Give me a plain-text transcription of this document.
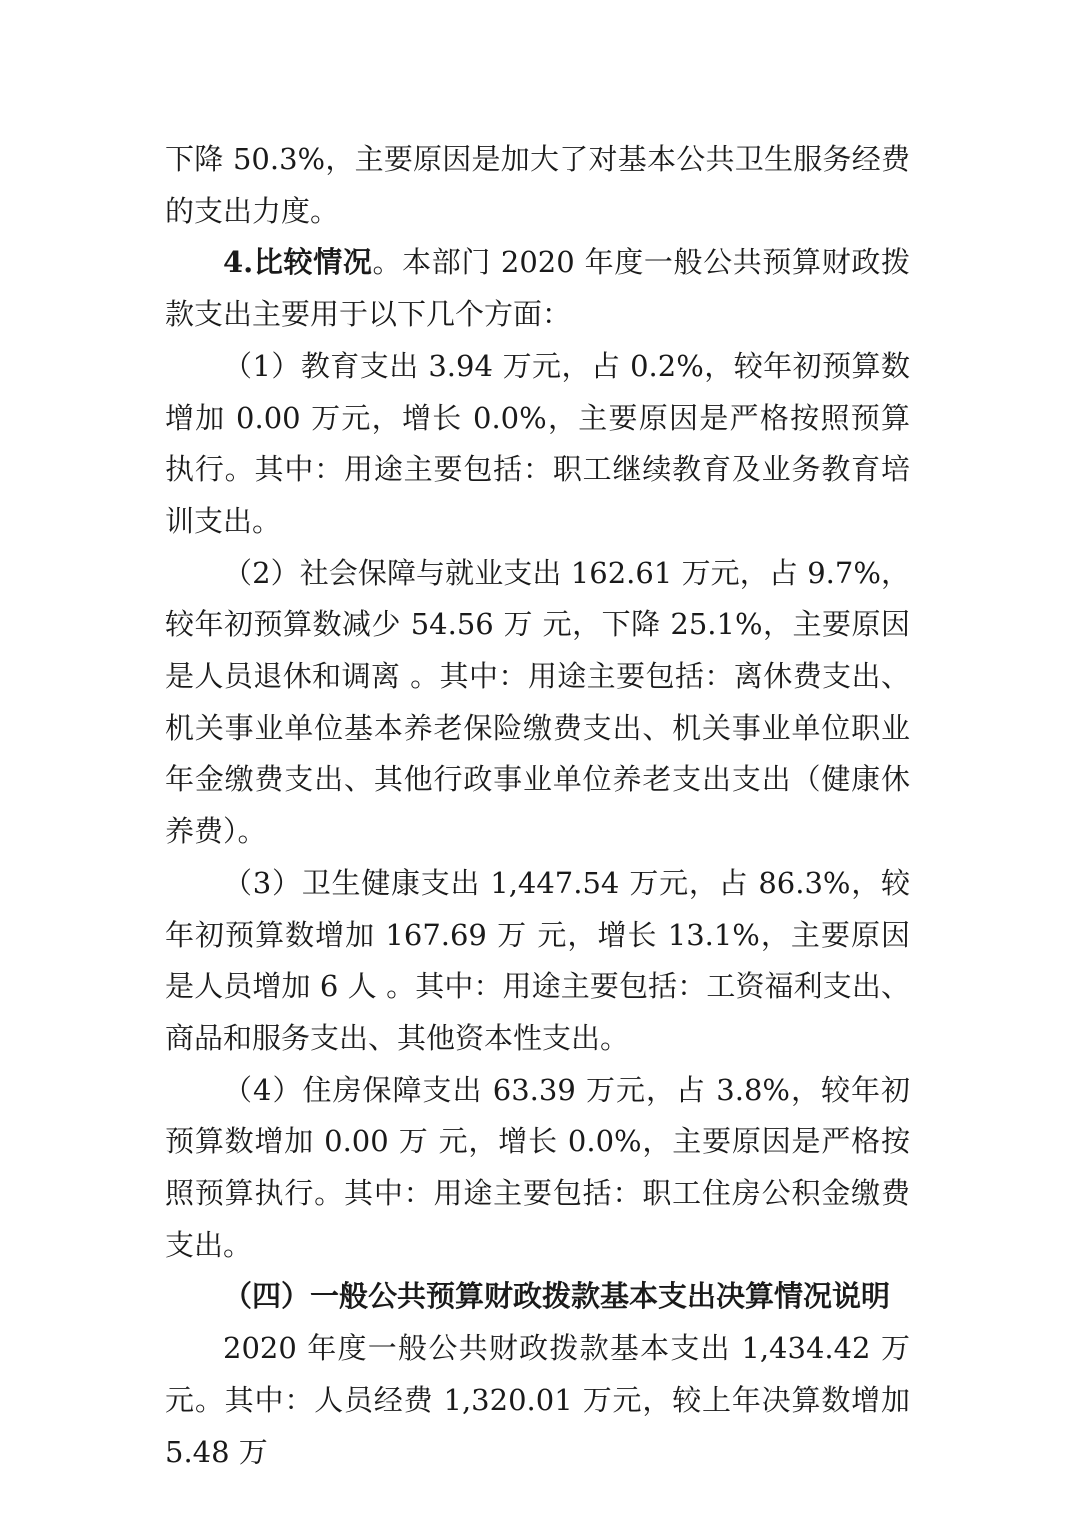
下降 50.3%，主要原因是加大了对基本公共卫生服务经费的支出力度。

4.比较情况。本部门 2020 年度一般公共预算财政拨款支出主要用于以下几个方面：

（1）教育支出 3.94 万元，占 0.2%，较年初预算数增加 0.00 万元，增长 0.0%，主要原因是严格按照预算执行。其中：用途主要包括：职工继续教育及业务教育培训支出。

（2）社会保障与就业支出 162.61 万元，占 9.7%，较年初预算数减少 54.56 万 元，下降 25.1%，主要原因是人员退休和调离 。其中：用途主要包括：离休费支出、机关事业单位基本养老保险缴费支出、机关事业单位职业年金缴费支出、其他行政事业单位养老支出支出（健康休养费）。

（3）卫生健康支出 1,447.54 万元，占 86.3%，较年初预算数增加 167.69 万 元，增长 13.1%，主要原因是人员增加 6 人 。其中：用途主要包括：工资福利支出、商品和服务支出、其他资本性支出。

（4）住房保障支出 63.39 万元，占 3.8%，较年初预算数增加 0.00 万 元，增长 0.0%，主要原因是严格按照预算执行。其中：用途主要包括：职工住房公积金缴费支出。

（四）一般公共预算财政拨款基本支出决算情况说明

2020 年度一般公共财政拨款基本支出 1,434.42 万元。其中：人员经费 1,320.01 万元，较上年决算数增加 5.48 万
